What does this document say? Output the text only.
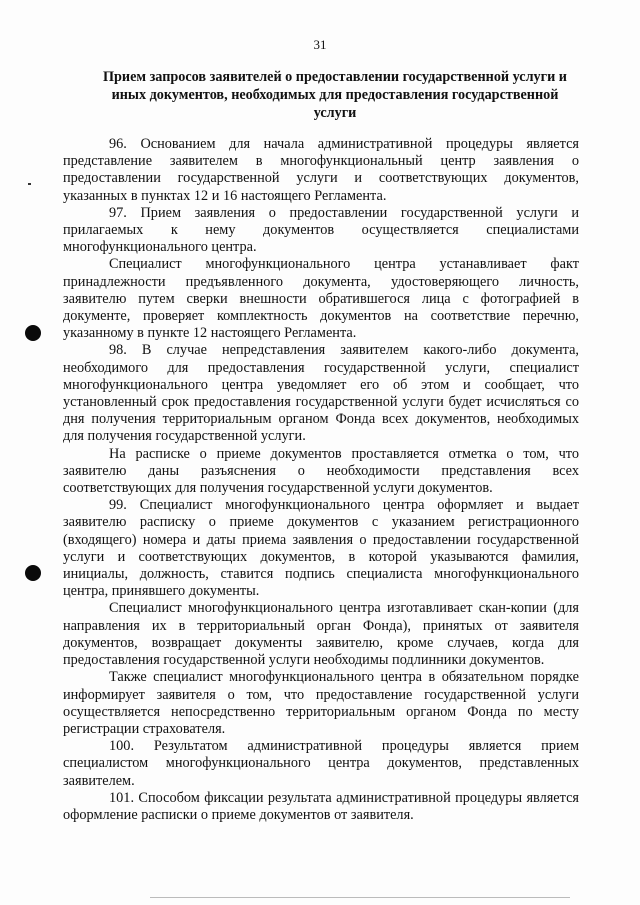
31
Прием запросов заявителей о предоставлении государственной услуги и иных документов, необходимых для предоставления государственной услуги

96. Основанием для начала административной процедуры является представление заявителем в многофункциональный центр заявления о предоставлении государственной услуги и соответствующих документов, указанных в пунктах 12 и 16 настоящего Регламента.

97. Прием заявления о предоставлении государственной услуги и прилагаемых к нему документов осуществляется специалистами многофункционального центра.

Специалист многофункционального центра устанавливает факт принадлежности предъявленного документа, удостоверяющего личность, заявителю путем сверки внешности обратившегося лица с фотографией в документе, проверяет комплектность документов на соответствие перечню, указанному в пункте 12 настоящего Регламента.

98. В случае непредставления заявителем какого-либо документа, необходимого для предоставления государственной услуги, специалист многофункционального центра уведомляет его об этом и сообщает, что установленный срок предоставления государственной услуги будет исчисляться со дня получения территориальным органом Фонда всех документов, необходимых для получения государственной услуги.

На расписке о приеме документов проставляется отметка о том, что заявителю даны разъяснения о необходимости представления всех соответствующих для получения государственной услуги документов.

99. Специалист многофункционального центра оформляет и выдает заявителю расписку о приеме документов с указанием регистрационного (входящего) номера и даты приема заявления о предоставлении государственной услуги и соответствующих документов, в которой указываются фамилия, инициалы, должность, ставится подпись специалиста многофункционального центра, принявшего документы.

Специалист многофункционального центра изготавливает скан-копии (для направления их в территориальный орган Фонда), принятых от заявителя документов, возвращает документы заявителю, кроме случаев, когда для предоставления государственной услуги необходимы подлинники документов.

Также специалист многофункционального центра в обязательном порядке информирует заявителя о том, что предоставление государственной услуги осуществляется непосредственно территориальным органом Фонда по месту регистрации страхователя.

100. Результатом административной процедуры является прием специалистом многофункционального центра документов, представленных заявителем.

101. Способом фиксации результата административной процедуры является оформление расписки о приеме документов от заявителя.
